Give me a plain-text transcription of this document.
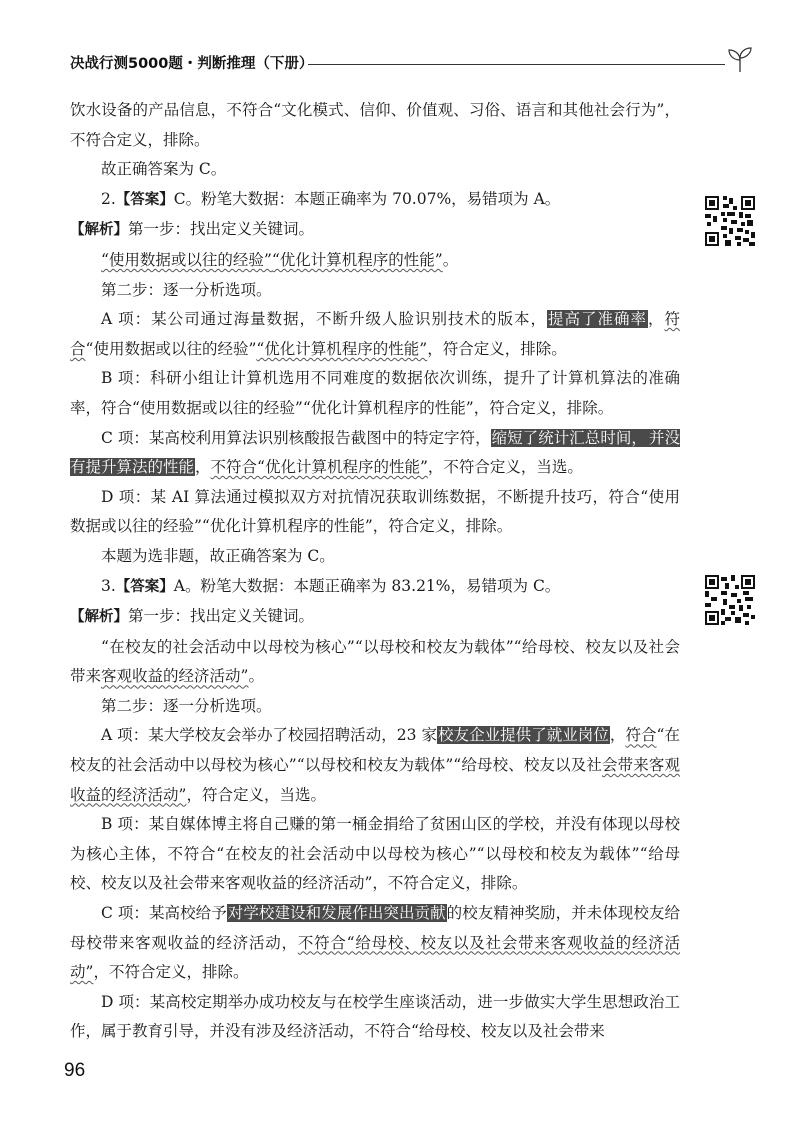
决战行测5000题・判断推理（下册）

饮水设备的产品信息，不符合“文化模式、信仰、价值观、习俗、语言和其他社会行为”，不符合定义，排除。

故正确答案为 C。

2.【答案】C。粉笔大数据：本题正确率为 70.07%，易错项为 A。

【解析】第一步：找出定义关键词。

“使用数据或以往的经验”“优化计算机程序的性能”。

第二步：逐一分析选项。

A 项：某公司通过海量数据，不断升级人脸识别技术的版本，提高了准确率，符合“使用数据或以往的经验”“优化计算机程序的性能”，符合定义，排除。

B 项：科研小组让计算机选用不同难度的数据依次训练，提升了计算机算法的准确率，符合“使用数据或以往的经验”“优化计算机程序的性能”，符合定义，排除。

C 项：某高校利用算法识别核酸报告截图中的特定字符，缩短了统计汇总时间， 并没有提升算法的性能，不符合“优化计算机程序的性能”，不符合定义，当选。

D 项：某 AI 算法通过模拟双方对抗情况获取训练数据，不断提升技巧，符合“使用数据或以往的经验”“优化计算机程序的性能”，符合定义，排除。

本题为选非题，故正确答案为 C。

3.【答案】A。粉笔大数据：本题正确率为 83.21%，易错项为 C。

【解析】第一步：找出定义关键词。

“在校友的社会活动中以母校为核心”“以母校和校友为载体”“给母校、校友以及社会带来客观收益的经济活动”。

第二步：逐一分析选项。

A 项：某大学校友会举办了校园招聘活动，23 家校友企业提供了就业岗位，符合“在校友的社会活动中以母校为核心”“以母校和校友为载体”“给母校、校友以及社会带来客观收益的经济活动”，符合定义，当选。

B 项：某自媒体博主将自己赚的第一桶金捐给了贫困山区的学校，并没有体现以母校为核心主体，不符合“在校友的社会活动中以母校为核心”“以母校和校友为载体”“给母校、校友以及社会带来客观收益的经济活动”，不符合定义，排除。

C 项：某高校给予对学校建设和发展作出突出贡献的校友精神奖励，并未体现校友给母校带来客观收益的经济活动，不符合“给母校、校友以及社会带来客观收益的经济活动”，不符合定义，排除。

D 项：某高校定期举办成功校友与在校学生座谈活动，进一步做实大学生思想政治工作，属于教育引导，并没有涉及经济活动，不符合“给母校、校友以及社会带来

96
